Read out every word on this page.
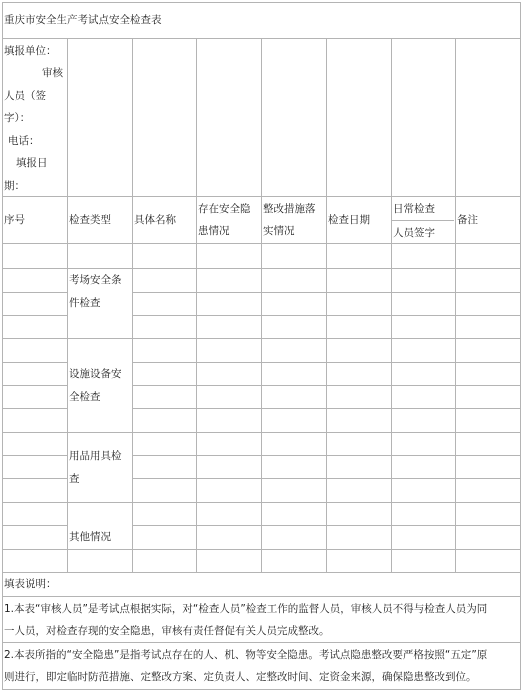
重庆市安全生产考试点安全检查表
填报单位：
审核
人员（签
字）：
电话：
填报日
期：
序号	检查类型 具体名称
存在安全隐
患情况
整改措施落
实情况
检查日期
日常检查
人员签字
备注
考场安全条
件检查
设施设备安
全检查
用品用具检
查
其他情况
填表说明：
1.本表“审核人员”是考试点根据实际，对“检查人员”检查工作的监督人员，审核人员不得与检查人员为同
一人员，对检查存现的安全隐患，审核有责任督促有关人员完成整改。
2.本表所指的“安全隐患”是指考试点存在的人、机、物等安全隐患。考试点隐患整改要严格按照“五定”原
则进行，即定临时防范措施、定整改方案、定负责人、定整改时间、定资金来源，确保隐患整改到位。
